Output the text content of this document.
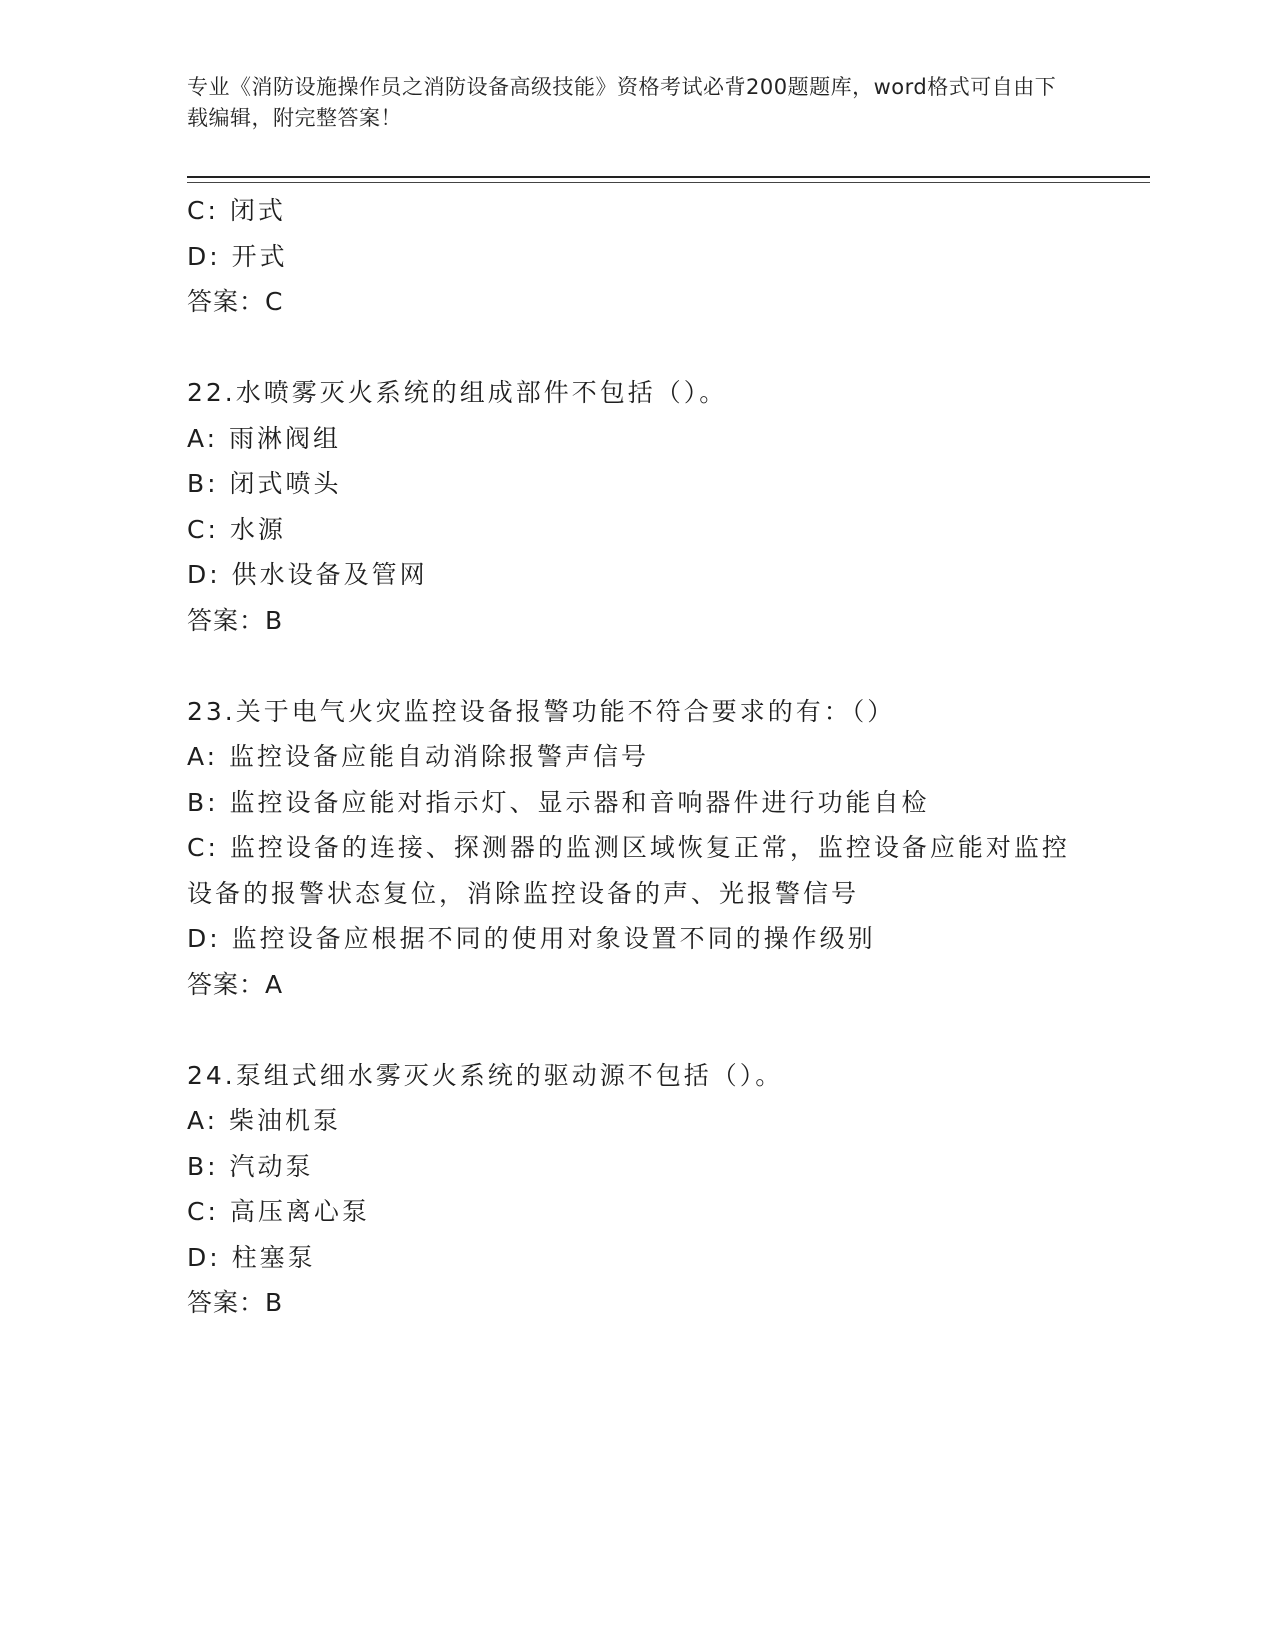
专业《消防设施操作员之消防设备高级技能》资格考试必背200题题库，word格式可自由下载编辑，附完整答案！
C: 闭式
D: 开式
答案：C
22.水喷雾灭火系统的组成部件不包括（）。
A: 雨淋阀组
B: 闭式喷头
C: 水源
D: 供水设备及管网
答案：B
23.关于电气火灾监控设备报警功能不符合要求的有：（）
A: 监控设备应能自动消除报警声信号
B: 监控设备应能对指示灯、显示器和音响器件进行功能自检
C: 监控设备的连接、探测器的监测区域恢复正常，监控设备应能对监控设备的报警状态复位，消除监控设备的声、光报警信号
D: 监控设备应根据不同的使用对象设置不同的操作级别
答案：A
24.泵组式细水雾灭火系统的驱动源不包括（）。
A: 柴油机泵
B: 汽动泵
C: 高压离心泵
D: 柱塞泵
答案：B
